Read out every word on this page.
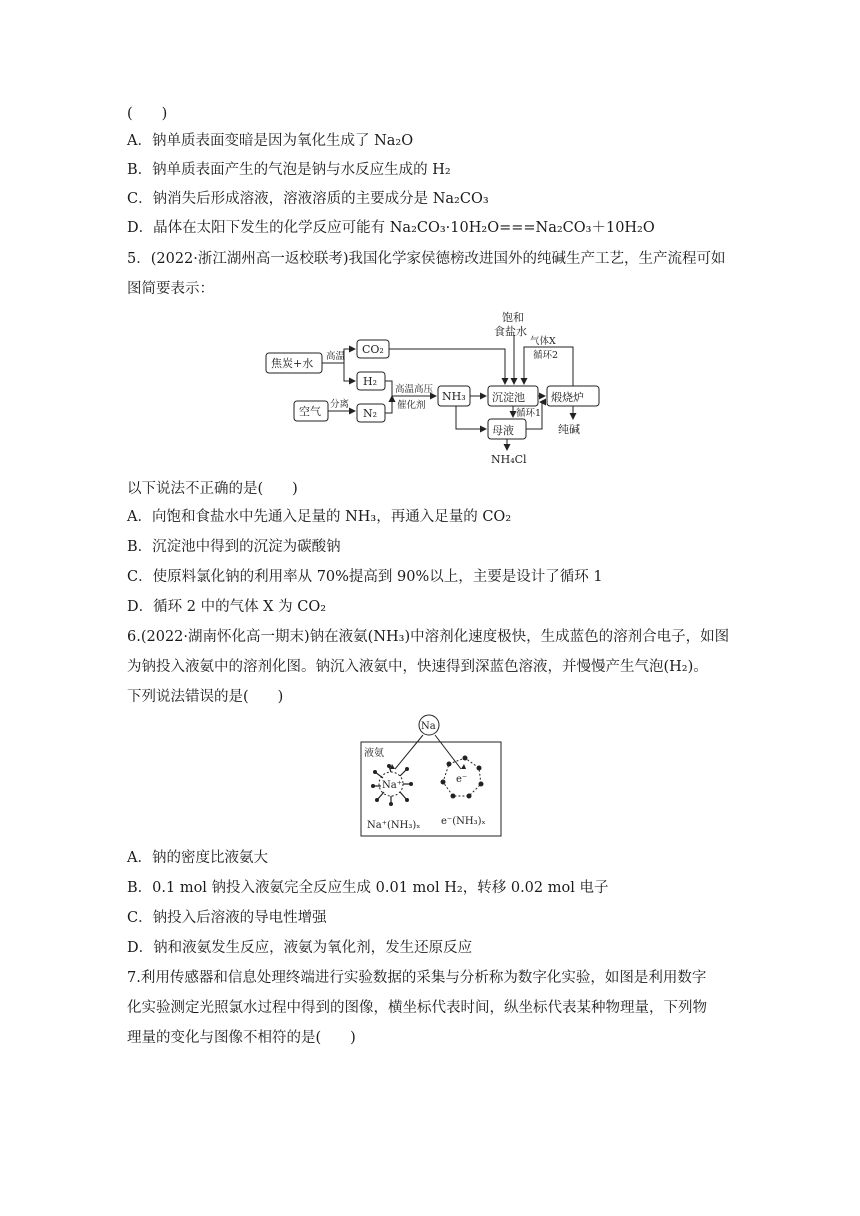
(　　)
A．钠单质表面变暗是因为氧化生成了 Na₂O
B．钠单质表面产生的气泡是钠与水反应生成的 H₂
C．钠消失后形成溶液，溶液溶质的主要成分是 Na₂CO₃
D．晶体在太阳下发生的化学反应可能有 Na₂CO₃·10H₂O===Na₂CO₃＋10H₂O
5．(2022·浙江湖州高一返校联考)我国化学家侯德榜改进国外的纯碱生产工艺，生产流程可如
图简要表示：
焦炭+水
空气
CO₂
H₂
N₂
NH₃ 沉淀池 煅烧炉
母液	纯碱
NH₄Cl
饱和
食盐水
高温
分离
高温高压
催化剂
气体X
循环2
循环1
以下说法不正确的是(　　)
A．向饱和食盐水中先通入足量的 NH₃，再通入足量的 CO₂
B．沉淀池中得到的沉淀为碳酸钠
C．使原料氯化钠的利用率从 70%提高到 90%以上，主要是设计了循环 1
D．循环 2 中的气体 X 为 CO₂
6.(2022·湖南怀化高一期末)钠在液氨(NH₃)中溶剂化速度极快，生成蓝色的溶剂合电子，如图
为钠投入液氨中的溶剂化图。钠沉入液氨中，快速得到深蓝色溶液，并慢慢产生气泡(H₂)。
下列说法错误的是(　　)
Na
液氨
Na⁺
e⁻
Na⁺(NH₃)ₓ e⁻(NH₃)ₓ
A．钠的密度比液氨大
B．0.1 mol 钠投入液氨完全反应生成 0.01 mol H₂，转移 0.02 mol 电子
C．钠投入后溶液的导电性增强
D．钠和液氨发生反应，液氨为氧化剂，发生还原反应
7.利用传感器和信息处理终端进行实验数据的采集与分析称为数字化实验，如图是利用数字
化实验测定光照氯水过程中得到的图像，横坐标代表时间，纵坐标代表某种物理量，下列物
理量的变化与图像不相符的是(　　)
